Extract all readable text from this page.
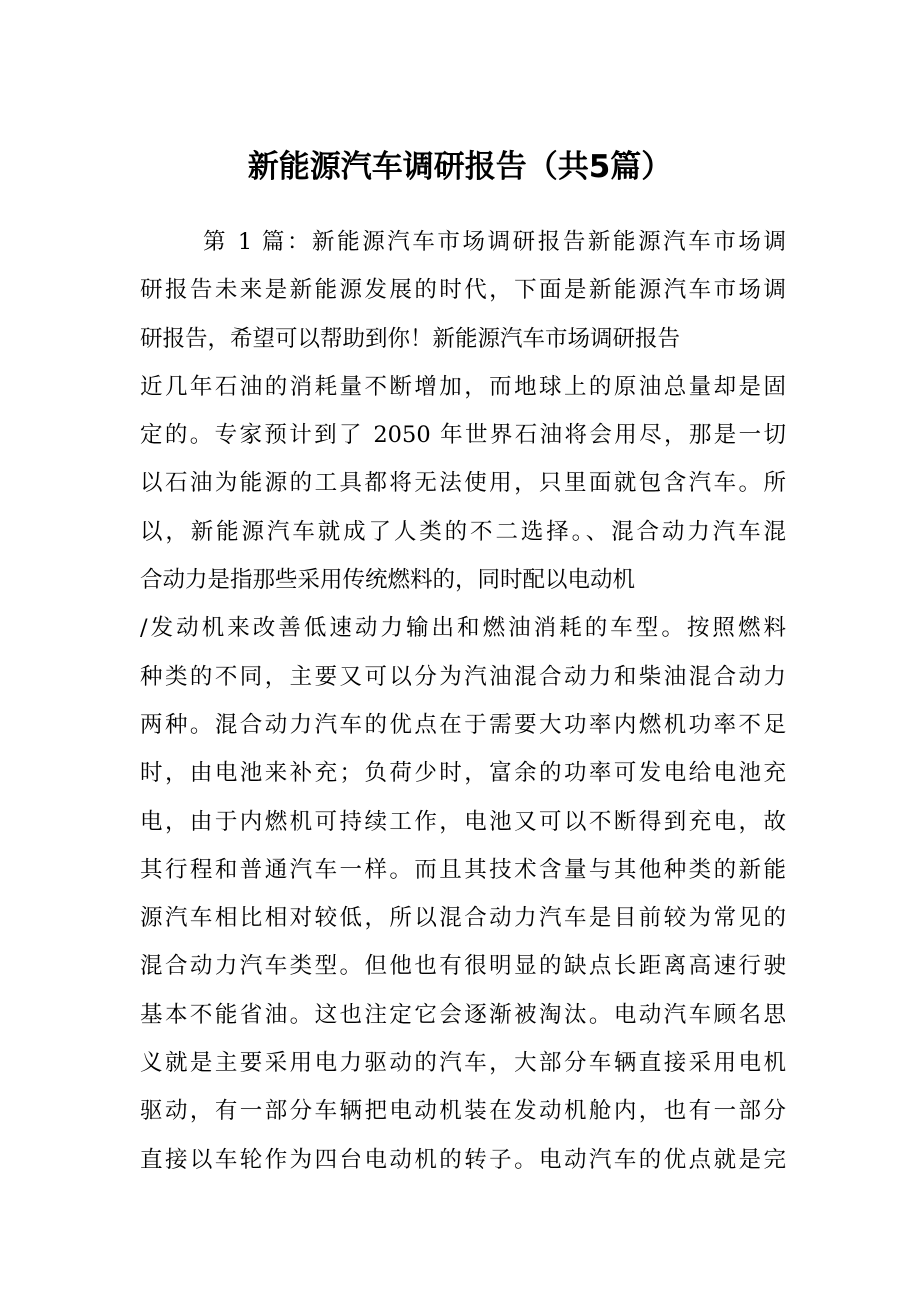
新能源汽车调研报告（共5篇）
第 1 篇：新能源汽车市场调研报告新能源汽车市场调
研报告未来是新能源发展的时代，下面是新能源汽车市场调
研报告，希望可以帮助到你！新能源汽车市场调研报告
近几年石油的消耗量不断增加，而地球上的原油总量却是固
定的。专家预计到了 2050 年世界石油将会用尽，那是一切
以石油为能源的工具都将无法使用，只里面就包含汽车。所
以，新能源汽车就成了人类的不二选择。、混合动力汽车混
合动力是指那些采用传统燃料的，同时配以电动机
/发动机来改善低速动力输出和燃油消耗的车型。按照燃料
种类的不同，主要又可以分为汽油混合动力和柴油混合动力
两种。混合动力汽车的优点在于需要大功率内燃机功率不足
时，由电池来补充；负荷少时，富余的功率可发电给电池充
电，由于内燃机可持续工作，电池又可以不断得到充电，故
其行程和普通汽车一样。而且其技术含量与其他种类的新能
源汽车相比相对较低，所以混合动力汽车是目前较为常见的
混合动力汽车类型。但他也有很明显的缺点长距离高速行驶
基本不能省油。这也注定它会逐渐被淘汰。电动汽车顾名思
义就是主要采用电力驱动的汽车，大部分车辆直接采用电机
驱动，有一部分车辆把电动机装在发动机舱内，也有一部分
直接以车轮作为四台电动机的转子。电动汽车的优点就是完
